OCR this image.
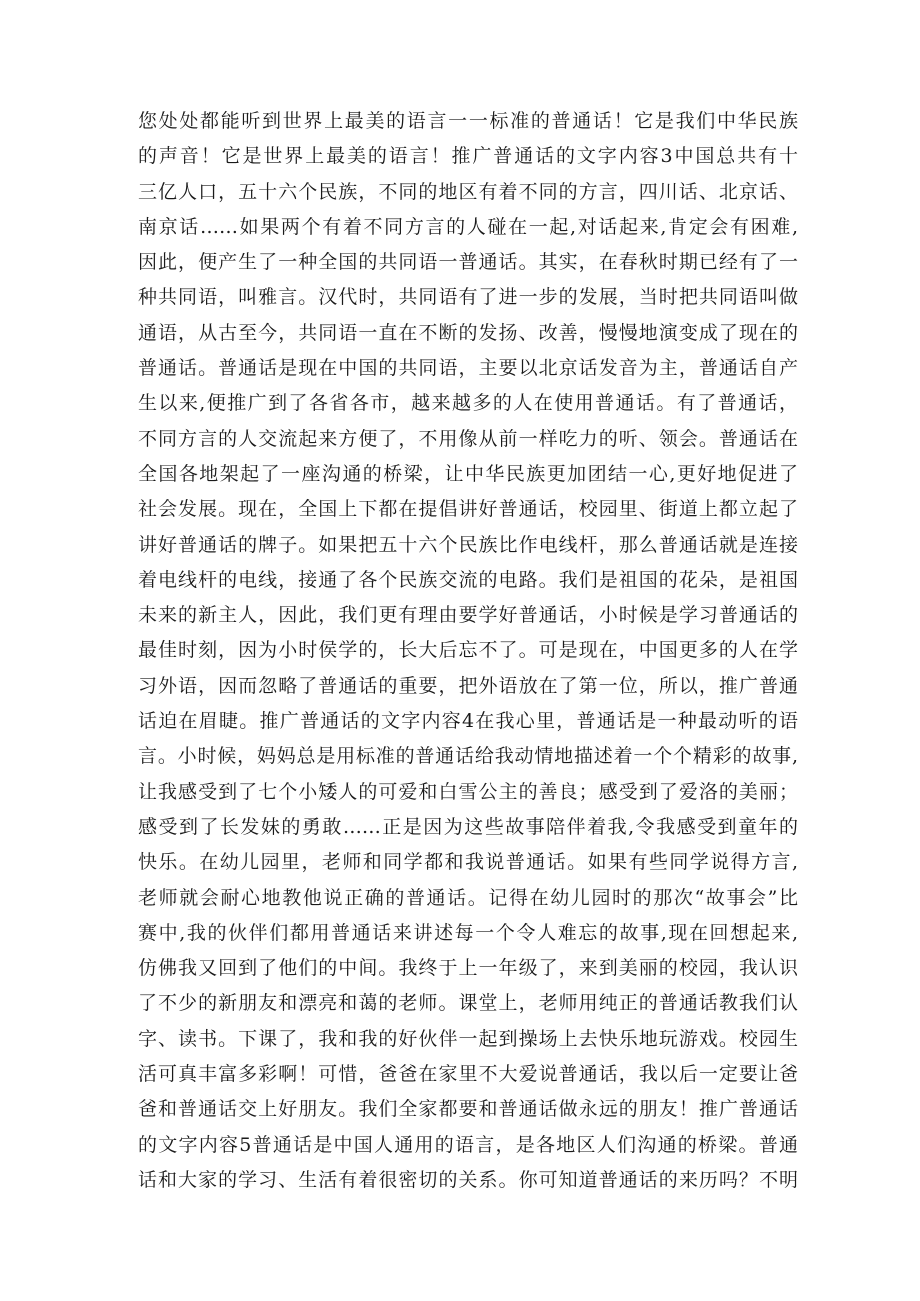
您处处都能听到世界上最美的语言一一标准的普通话！它是我们中华民族
的声音！它是世界上最美的语言！推广普通话的文字内容3中国总共有十
三亿人口，五十六个民族，不同的地区有着不同的方言，四川话、北京话、
南京话……如果两个有着不同方言的人碰在一起,对话起来,肯定会有困难,
因此，便产生了一种全国的共同语一普通话。其实，在春秋时期已经有了一
种共同语，叫雅言。汉代时，共同语有了进一步的发展，当时把共同语叫做
通语，从古至今，共同语一直在不断的发扬、改善，慢慢地演变成了现在的
普通话。普通话是现在中国的共同语，主要以北京话发音为主，普通话自产
生以来,便推广到了各省各市，越来越多的人在使用普通话。有了普通话，
不同方言的人交流起来方便了，不用像从前一样吃力的听、领会。普通话在
全国各地架起了一座沟通的桥梁，让中华民族更加团结一心,更好地促进了
社会发展。现在，全国上下都在提倡讲好普通话，校园里、街道上都立起了
讲好普通话的牌子。如果把五十六个民族比作电线杆，那么普通话就是连接
着电线杆的电线，接通了各个民族交流的电路。我们是祖国的花朵，是祖国
未来的新主人，因此，我们更有理由要学好普通话，小时候是学习普通话的
最佳时刻，因为小时侯学的，长大后忘不了。可是现在，中国更多的人在学
习外语，因而忽略了普通话的重要，把外语放在了第一位，所以，推广普通
话迫在眉睫。推广普通话的文字内容4在我心里，普通话是一种最动听的语
言。小时候，妈妈总是用标准的普通话给我动情地描述着一个个精彩的故事,
让我感受到了七个小矮人的可爱和白雪公主的善良；感受到了爱洛的美丽；
感受到了长发妹的勇敢……正是因为这些故事陪伴着我,令我感受到童年的
快乐。在幼儿园里，老师和同学都和我说普通话。如果有些同学说得方言,
老师就会耐心地教他说正确的普通话。记得在幼儿园时的那次“故事会”比
赛中,我的伙伴们都用普通话来讲述每一个令人难忘的故事,现在回想起来,
仿佛我又回到了他们的中间。我终于上一年级了，来到美丽的校园，我认识
了不少的新朋友和漂亮和蔼的老师。课堂上，老师用纯正的普通话教我们认
字、读书。下课了，我和我的好伙伴一起到操场上去快乐地玩游戏。校园生
活可真丰富多彩啊！可惜，爸爸在家里不大爱说普通话，我以后一定要让爸
爸和普通话交上好朋友。我们全家都要和普通话做永远的朋友！推广普通话
的文字内容5普通话是中国人通用的语言，是各地区人们沟通的桥梁。普通
话和大家的学习、生活有着很密切的关系。你可知道普通话的来历吗？不明
